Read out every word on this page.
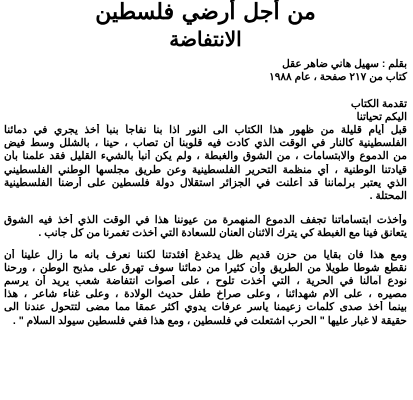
من أجل أرضي فلسطين
الانتفاضة
بقلم : سهيل هاني ضاهر عقل
كتاب من ٢١٧ صفحة ، عام ١٩٨٨
تقدمة الكتاب
اليكم تحياتنا

قبل أيام قليلة من ظهور هذا الكتاب الى النور اذا بنا نفاجأ بنبأ أخذ يجري في دمائنا
الفلسطينية كالنار في الوقت الذي كادت فيه قلوبنا أن تصاب ، حينا ، بالشلل وسط فيض
من الدموع والابتسامات ، من الشوق والغبطة ، ولم يكن أنبأ بالشيء القليل فقد علمنا بأن
قيادتنا الوطنية ، أي منظمة التحرير الفلسطينية وعن طريق مجلسها الوطني الفلسطيني
الذي يعتبر برلماننا قد أعلنت في الجزائر استقلال دولة فلسطين على أرضنا الفلسطينية
المحتلة .

وأخذت ابتساماتنا تجفف الدموع المنهمرة من عيوننا هذا في الوقت الذي أخذ فيه الشوق
يتعانق فينا مع الغبطة كي يترك الاثنان العنان للسعادة التي أخذت تغمرنا من كل جانب .

ومع هذا فان بقايا من حزن قديم ظل يدغدغ أفئدتنا لكننا نعرف بأنه ما زال علينا أن
نقطع شوطا طويلا من الطريق وأن كثيرا من دمائنا سوف تهرق على مذبح الوطن ، ورحنا
نودع آمالنا في الحرية ، التي أخذت تلوح ، على أصوات انتفاضة شعب يريد أن يرسم
مصيره ، على آلام شهدائنا ، وعلى صراخ طفل حديث الولادة ، وعلى غناء شاعر ، هذا
بينما أخذ صدى كلمات زعيمنا ياسر عرفات يدوي أكثر عمقا مما مضى لتتحول عندنا الى
حقيقة لا غبار عليها " الحرب اشتعلت في فلسطين ، ومع هذا ففي فلسطين سيولد السلام " .
